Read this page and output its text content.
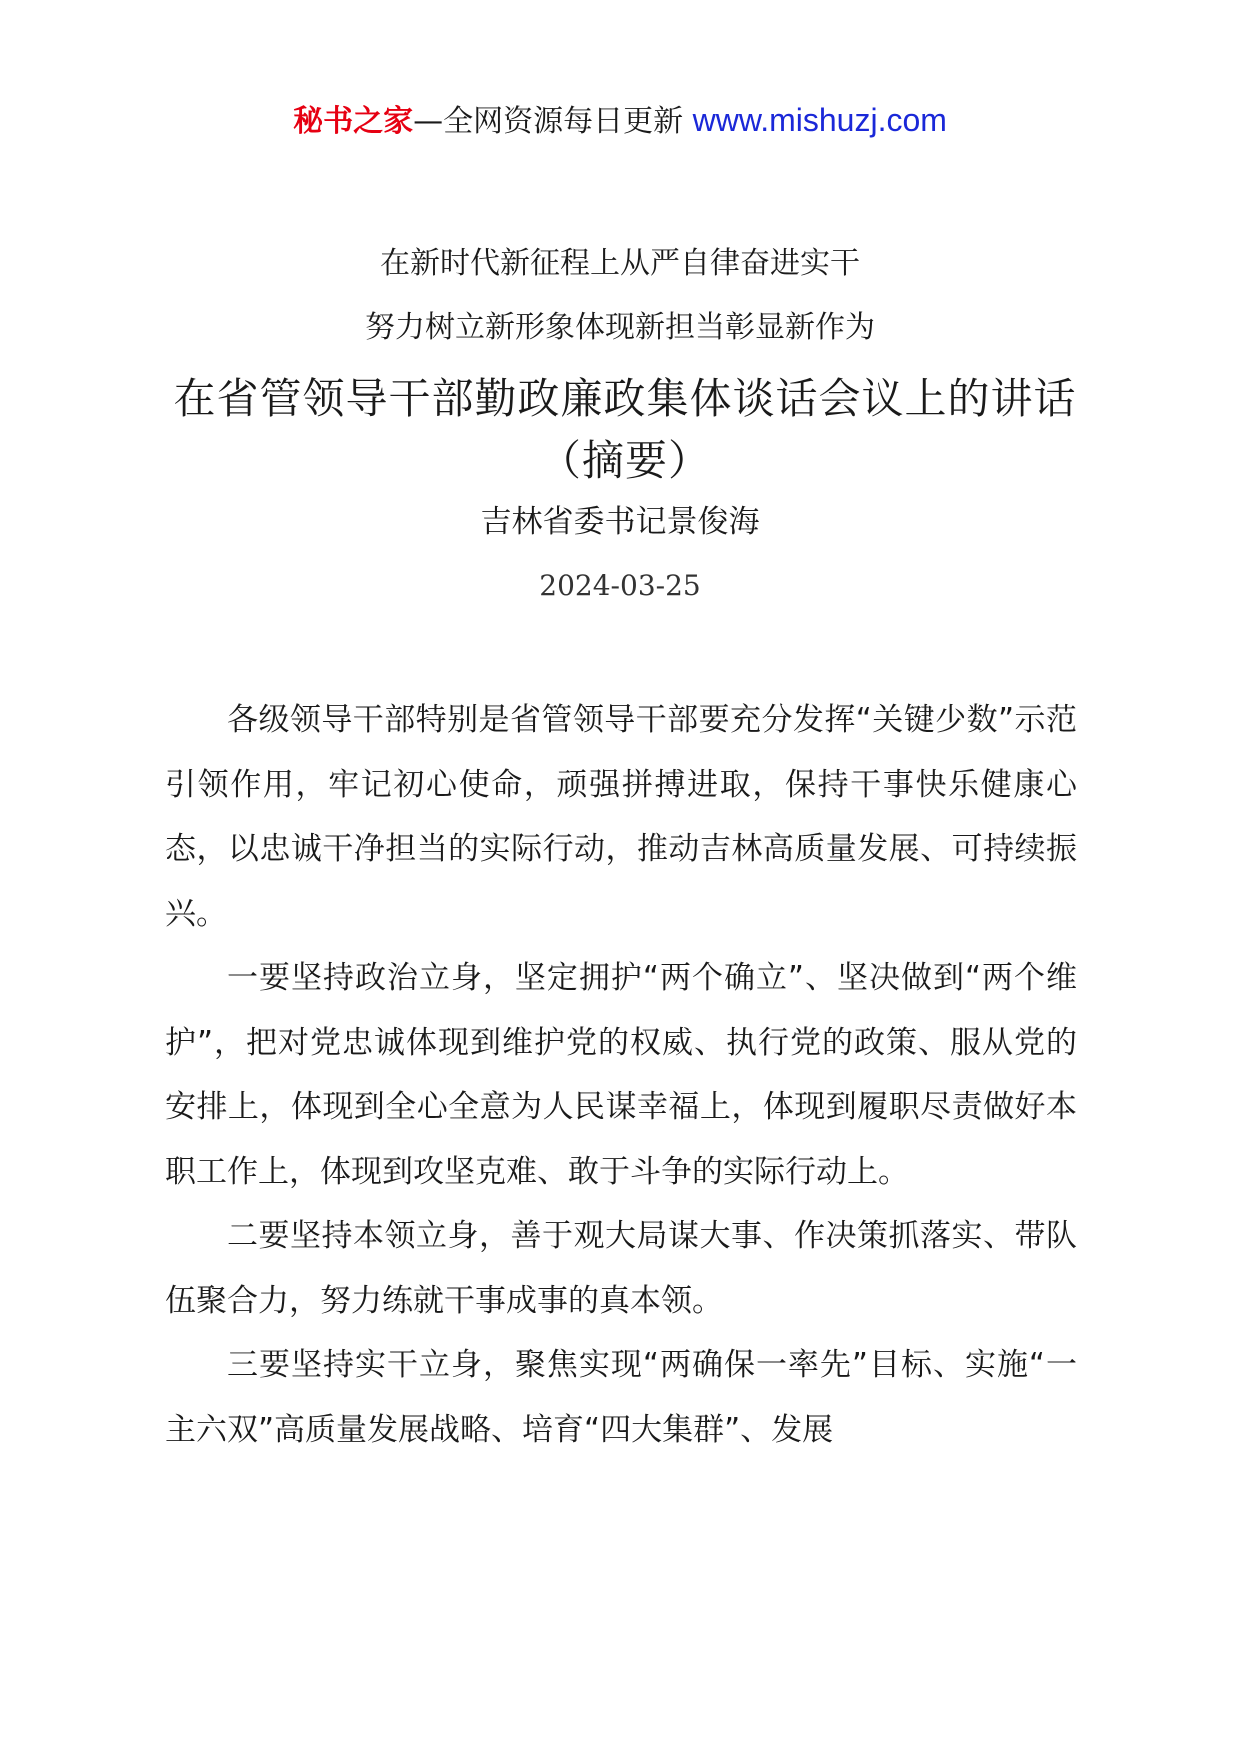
秘书之家—全网资源每日更新 www.mishuzj.com
在新时代新征程上从严自律奋进实干
努力树立新形象体现新担当彰显新作为
在省管领导干部勤政廉政集体谈话会议上的讲话（摘要）
吉林省委书记景俊海
2024-03-25

各级领导干部特别是省管领导干部要充分发挥“关键少数”示范引领作用，牢记初心使命，顽强拼搏进取，保持干事快乐健康心态，以忠诚干净担当的实际行动，推动吉林高质量发展、可持续振兴。

一要坚持政治立身，坚定拥护“两个确立”、坚决做到“两个维护”，把对党忠诚体现到维护党的权威、执行党的政策、服从党的安排上，体现到全心全意为人民谋幸福上，体现到履职尽责做好本职工作上，体现到攻坚克难、敢于斗争的实际行动上。

二要坚持本领立身，善于观大局谋大事、作决策抓落实、带队伍聚合力，努力练就干事成事的真本领。

三要坚持实干立身，聚焦实现“两确保一率先”目标、实施“一主六双”高质量发展战略、培育“四大集群”、发展
